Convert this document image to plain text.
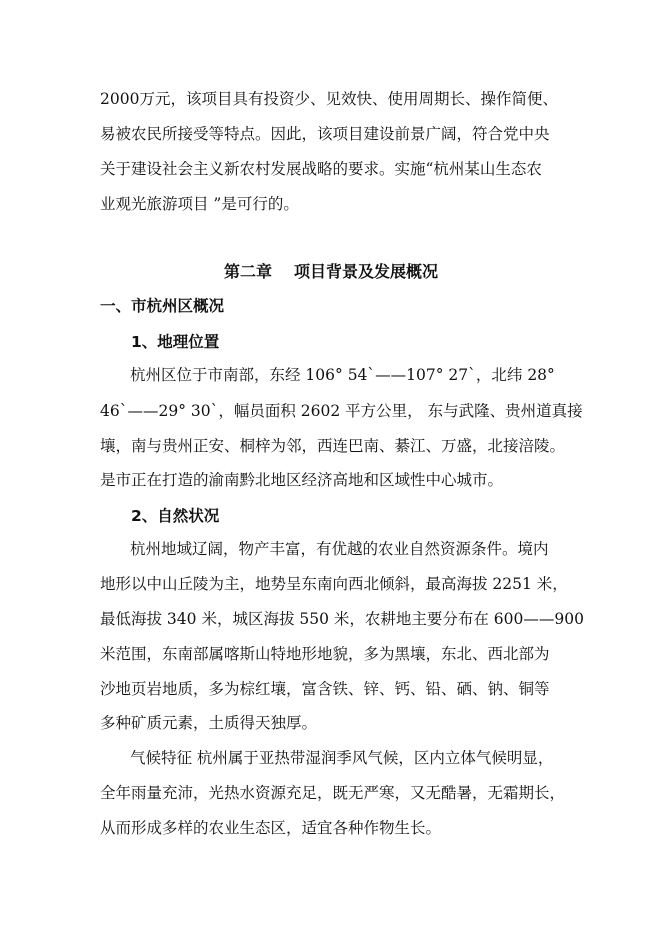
2000万元，该项目具有投资少、见效快、使用周期长、操作简便、
易被农民所接受等特点。因此，该项目建设前景广阔，符合党中央
关于建设社会主义新农村发展战略的要求。实施“杭州某山生态农
业观光旅游项目 ”是可行的。
第二章 项目背景及发展概况
一、市杭州区概况
1、地理位置
杭州区位于市南部，东经 106° 54`——107° 27`，北纬 28°
46`——29° 30`，幅员面积 2602 平方公里， 东与武隆、贵州道真接
壤，南与贵州正安、桐梓为邻，西连巴南、綦江、万盛，北接涪陵。
是市正在打造的渝南黔北地区经济高地和区域性中心城市。
2、自然状况
杭州地域辽阔，物产丰富，有优越的农业自然资源条件。境内
地形以中山丘陵为主，地势呈东南向西北倾斜，最高海拔 2251 米，
最低海拔 340 米，城区海拔 550 米，农耕地主要分布在 600——900
米范围，东南部属喀斯山特地形地貌，多为黑壤，东北、西北部为
沙地页岩地质，多为棕红壤，富含铁、锌、钙、铅、硒、钠、铜等
多种矿质元素，土质得天独厚。
气候特征 杭州属于亚热带湿润季风气候，区内立体气候明显，
全年雨量充沛，光热水资源充足，既无严寒，又无酷暑，无霜期长，
从而形成多样的农业生态区，适宜各种作物生长。
